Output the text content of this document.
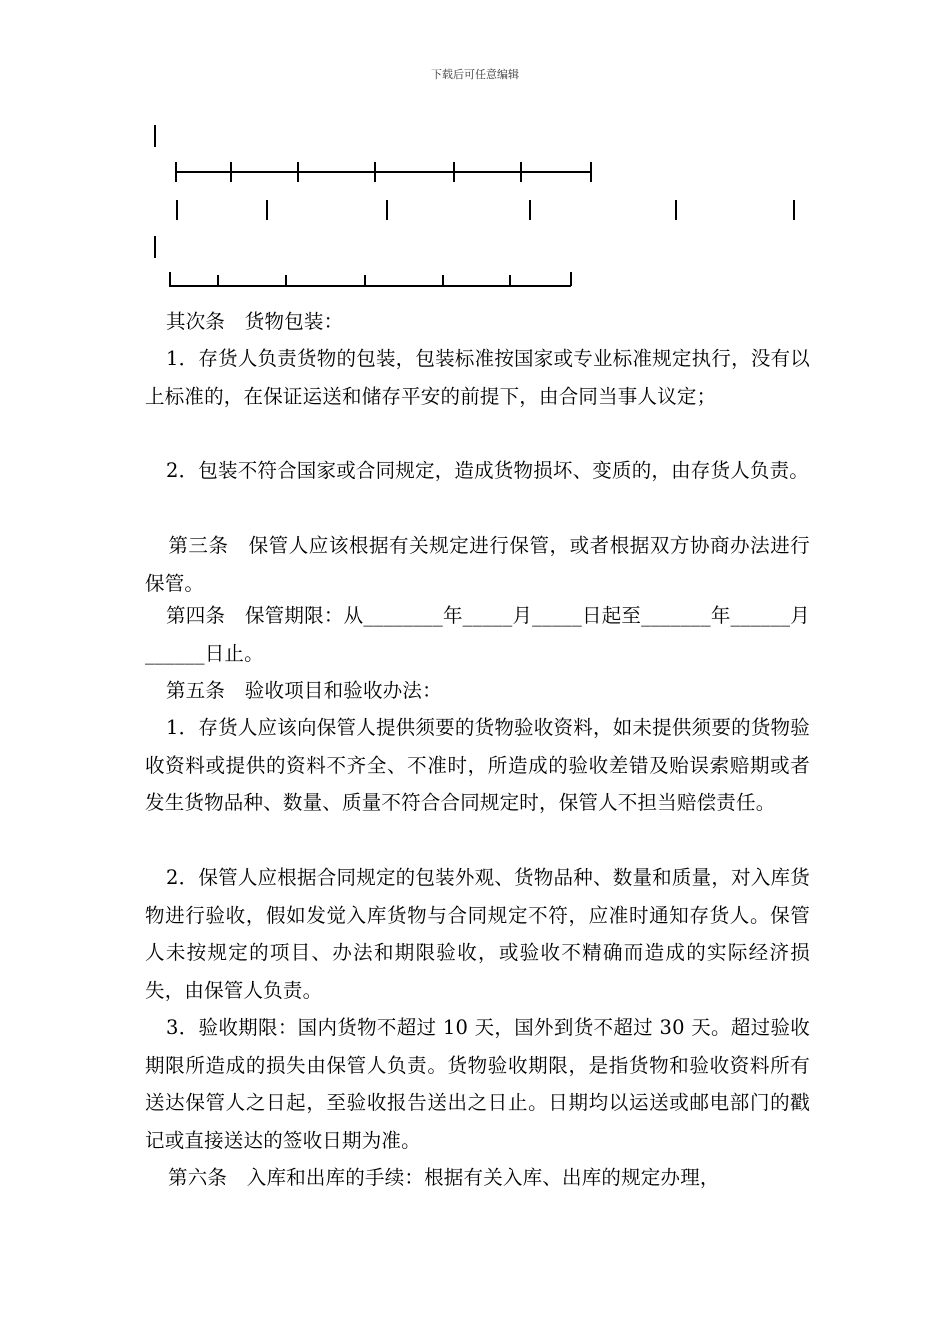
下载后可任意编辑
其次条　货物包装：
1．存货人负责货物的包装，包装标准按国家或专业标准规定执行，没有以上标准的，在保证运送和储存平安的前提下，由合同当事人议定；
2．包装不符合国家或合同规定，造成货物损坏、变质的，由存货人负责。
第三条　保管人应该根据有关规定进行保管，或者根据双方协商办法进行保管。
第四条　保管期限：从________年_____月_____日起至_______年______月______日止。
第五条　验收项目和验收办法：
1．存货人应该向保管人提供须要的货物验收资料，如未提供须要的货物验收资料或提供的资料不齐全、不准时，所造成的验收差错及贻误索赔期或者发生货物品种、数量、质量不符合合同规定时，保管人不担当赔偿责任。
2．保管人应根据合同规定的包装外观、货物品种、数量和质量，对入库货物进行验收，假如发觉入库货物与合同规定不符，应准时通知存货人。保管人未按规定的项目、办法和期限验收，或验收不精确而造成的实际经济损失，由保管人负责。
3．验收期限：国内货物不超过 10 天，国外到货不超过 30 天。超过验收期限所造成的损失由保管人负责。货物验收期限，是指货物和验收资料所有送达保管人之日起，至验收报告送出之日止。日期均以运送或邮电部门的戳记或直接送达的签收日期为准。
第六条　入库和出库的手续：根据有关入库、出库的规定办理，
